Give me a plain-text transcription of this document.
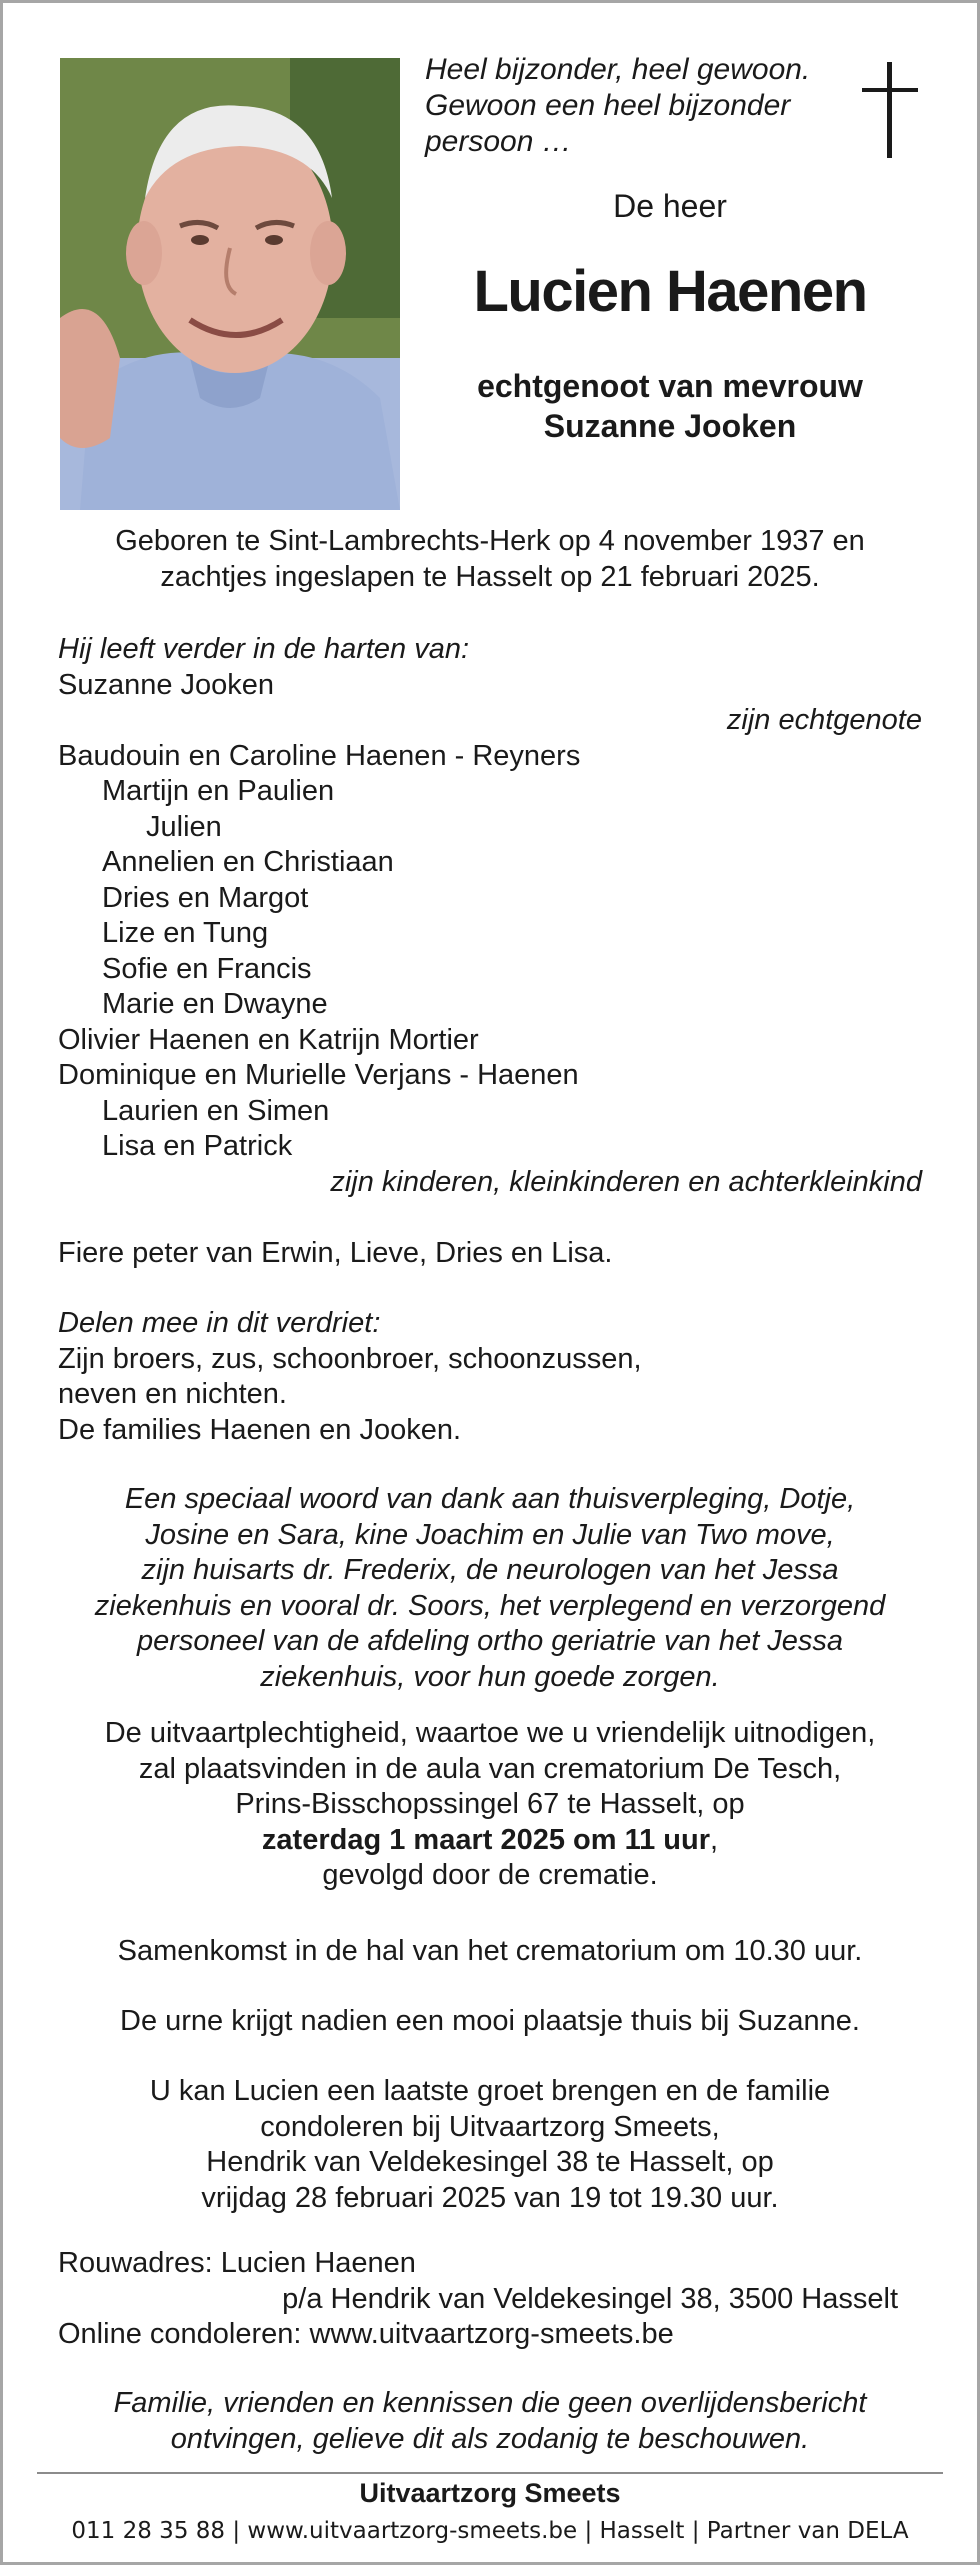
Heel bijzonder, heel gewoon.
Gewoon een heel bijzonder
persoon …
De heer
Lucien Haenen
echtgenoot van mevrouw
Suzanne Jooken
Geboren te Sint-Lambrechts-Herk op 4 november 1937 en
zachtjes ingeslapen te Hasselt op 21 februari 2025.
Hij leeft verder in de harten van:
Suzanne Jooken
zijn echtgenote
Baudouin en Caroline Haenen - Reyners
Martijn en Paulien
Julien
Annelien en Christiaan
Dries en Margot
Lize en Tung
Sofie en Francis
Marie en Dwayne
Olivier Haenen en Katrijn Mortier
Dominique en Murielle Verjans - Haenen
Laurien en Simen
Lisa en Patrick
zijn kinderen, kleinkinderen en achterkleinkind
Fiere peter van Erwin, Lieve, Dries en Lisa.
Delen mee in dit verdriet:
Zijn broers, zus, schoonbroer, schoonzussen,
neven en nichten.
De families Haenen en Jooken.
Een speciaal woord van dank aan thuisverpleging, Dotje,
Josine en Sara, kine Joachim en Julie van Two move,
zijn huisarts dr. Frederix, de neurologen van het Jessa
ziekenhuis en vooral dr. Soors, het verplegend en verzorgend
personeel van de afdeling ortho geriatrie van het Jessa
ziekenhuis, voor hun goede zorgen.
De uitvaartplechtigheid, waartoe we u vriendelijk uitnodigen,
zal plaatsvinden in de aula van crematorium De Tesch,
Prins-Bisschopssingel 67 te Hasselt, op
zaterdag 1 maart 2025 om 11 uur,
gevolgd door de crematie.
Samenkomst in de hal van het crematorium om 10.30 uur.
De urne krijgt nadien een mooi plaatsje thuis bij Suzanne.
U kan Lucien een laatste groet brengen en de familie
condoleren bij Uitvaartzorg Smeets,
Hendrik van Veldekesingel 38 te Hasselt, op
vrijdag 28 februari 2025 van 19 tot 19.30 uur.
Rouwadres: Lucien Haenen
p/a Hendrik van Veldekesingel 38, 3500 Hasselt
Online condoleren: www.uitvaartzorg-smeets.be
Familie, vrienden en kennissen die geen overlijdensbericht
ontvingen, gelieve dit als zodanig te beschouwen.
Uitvaartzorg Smeets
011 28 35 88 | www.uitvaartzorg-smeets.be | Hasselt | Partner van DELA
